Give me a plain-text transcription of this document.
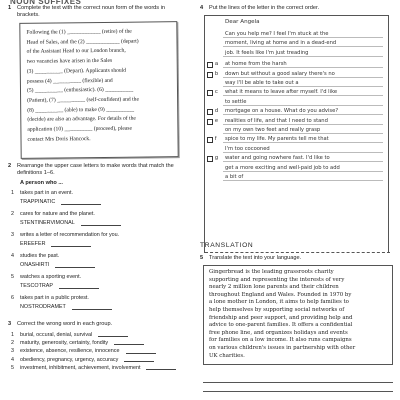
NOUN SUFFIXES
1	Complete the text with the correct noun form of the words in brackets.
Following the (1) ____________ (retire) of the
Head of Sales, and the (2) ____________ (depart)
of the Assistant Head to our London branch,
two vacancies have arisen in the Sales
(3) __________ (Depart). Applicants should
possess (4) __________ (flexible) and
(5) __________ (enthusiastic). (6) __________
(Patient), (7) __________ (self-confident) and the
(8) __________ (able) to make (9) __________
(decide) are also an advantage. For details of the
application (10) __________ (proceed), please
contact Mrs Doris Hancock.
2	Rearrange the upper case letters to make words that match the definitions 1–6.
A person who ...
1	takes part in an event.
TRAPPINATIC
2	cares for nature and the planet.
STENTINERVIMONAL
3	writes a letter of recommendation for you.
EREEFER
4	studies the past.
ONASHIRTI
5	watches a sporting event.
TESCOTRAP
6	takes part in a public protest.
NOSTRODRAMET
3	Correct the wrong word in each group.
1	burial, occural, denial, survival
2	maturity, generosity, certainty, fondity
3	existence, absence, resilience, innocence
4	obediency, pregnancy, urgency, accuracy
5	investment, inhibitment, achievement, involvement
4	Put the lines of the letter in the correct order.
Dear Angela
Can you help me? I feel I'm stuck at the
moment, living at home and in a dead-end
job. It feels like I'm just treading
a at home from the harsh
b down but without a good salary there's no
way I'll be able to take out a
c what it means to leave after myself. I'd like
to settle
d mortgage on a house. What do you advise?
e realities of life, and that I need to stand
on my own two feet and really grasp
f spice to my life. My parents tell me that
I'm too cocooned
g water and going nowhere fast. I'd like to
get a more exciting and well-paid job to add
a bit of
TRANSLATION
5	Translate the text into your language.
Gingerbread is the leading grassroots charity
supporting and representing the interests of very
nearly 2 million lone parents and their children
throughout England and Wales. Founded in 1970 by
a lone mother in London, it aims to help families to
help themselves by supporting social networks of
friendship and peer support, and providing help and
advice to one-parent families. It offers a confidential
free phone line, and organizes holidays and events
for families on a low income. It also runs campaigns
on various children's issues in partnership with other
UK charities.
